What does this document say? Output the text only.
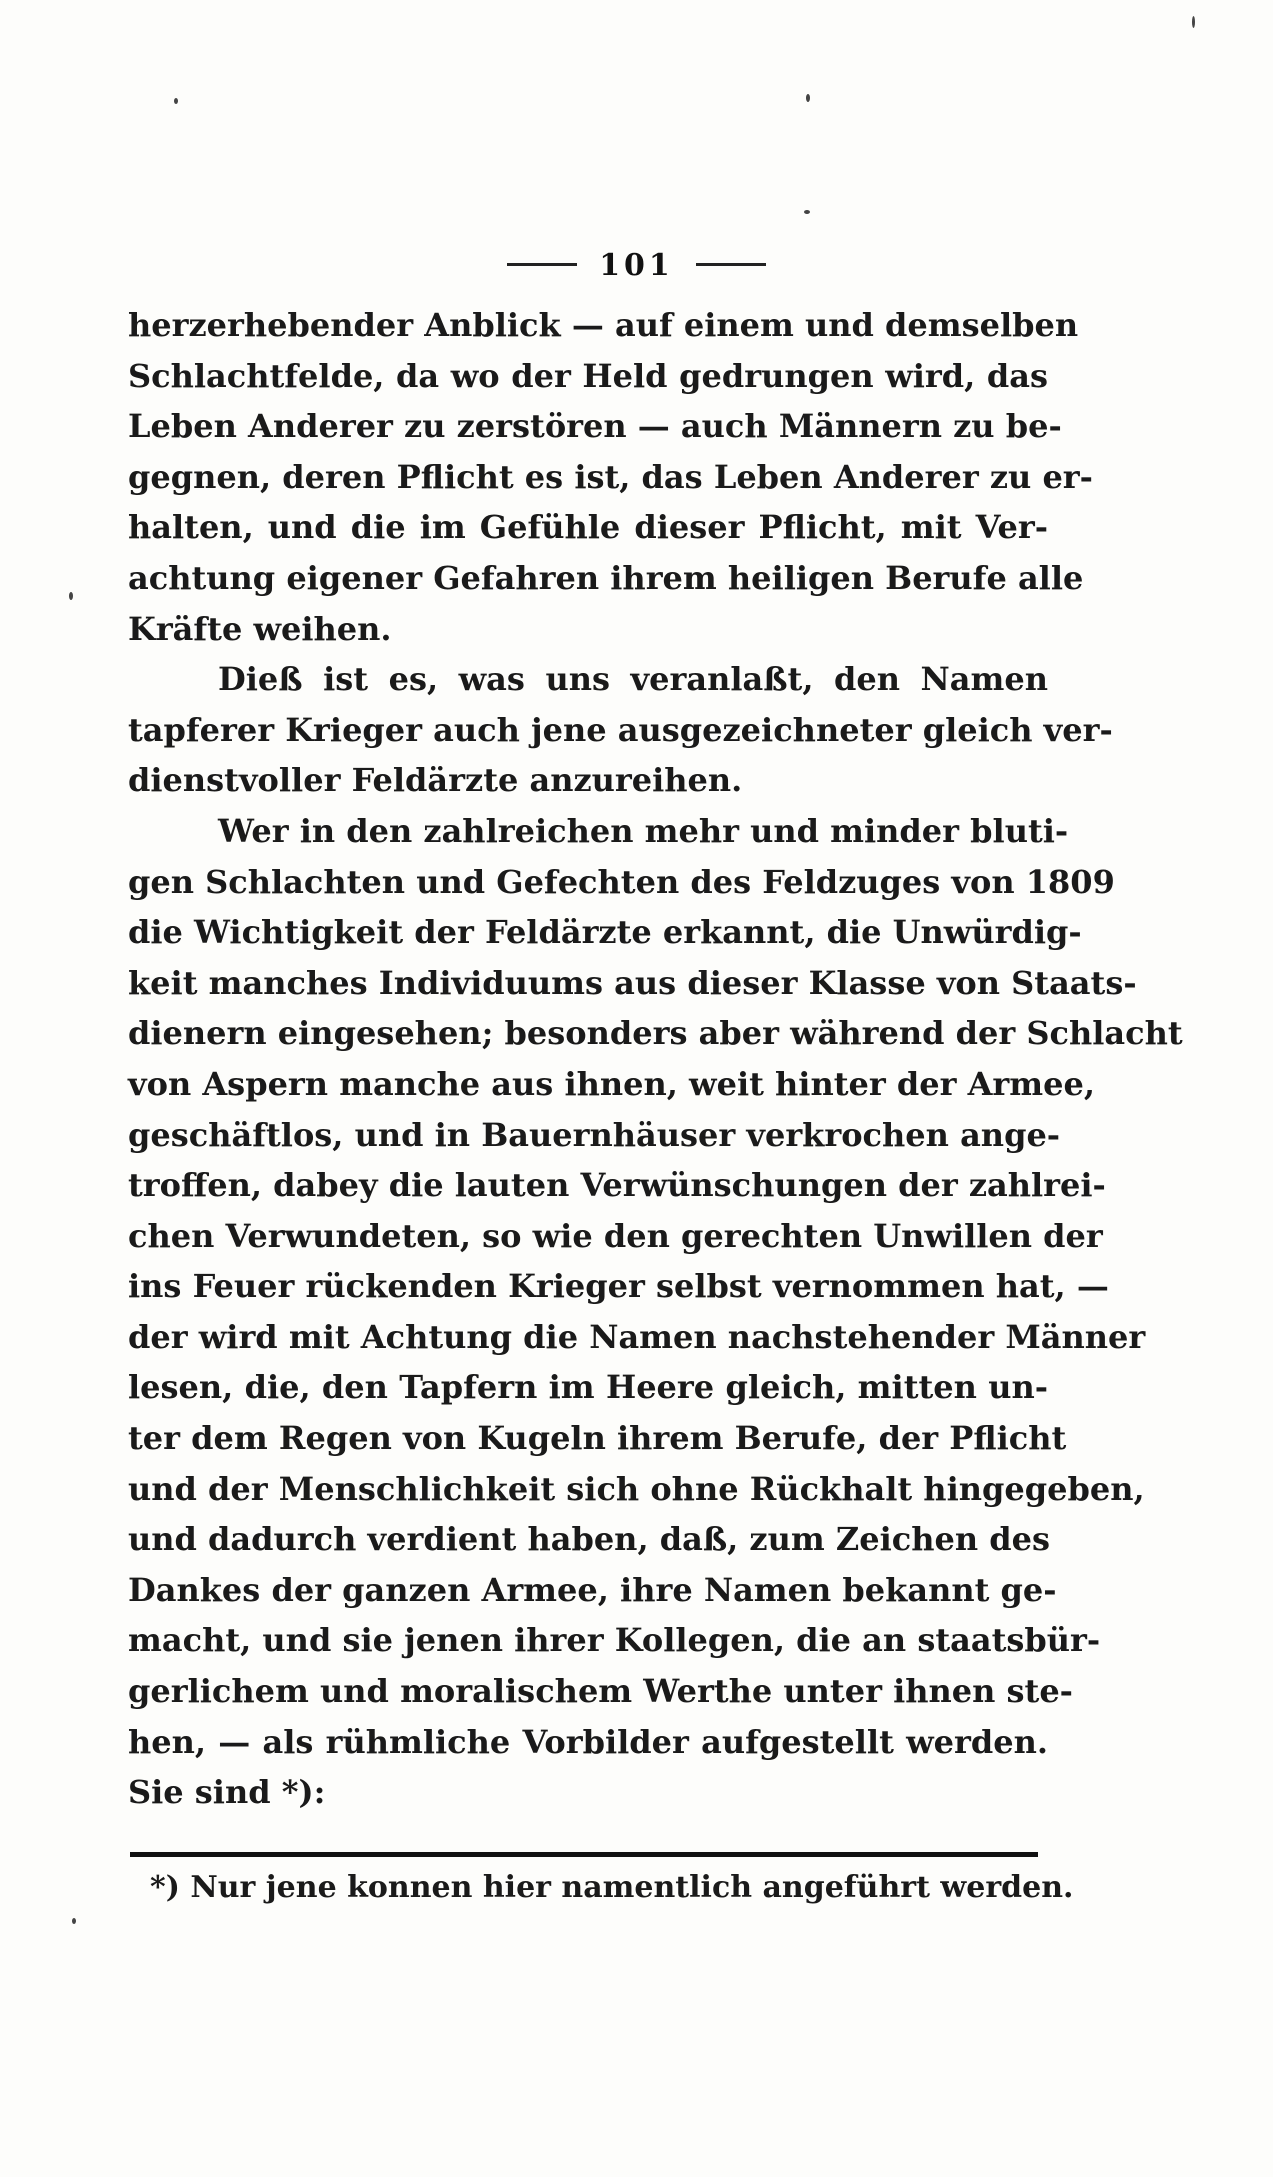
101
herzerhebender Anblick — auf einem und demselben
Schlachtfelde, da wo der Held gedrungen wird, das
Leben Anderer zu zerstören — auch Männern zu be-
gegnen, deren Pflicht es ist, das Leben Anderer zu er-
halten, und die im Gefühle dieser Pflicht, mit Ver-
achtung eigener Gefahren ihrem heiligen Berufe alle
Kräfte weihen.
Dieß ist es, was uns veranlaßt, den Namen
tapferer Krieger auch jene ausgezeichneter gleich ver-
dienstvoller Feldärzte anzureihen.
Wer in den zahlreichen mehr und minder bluti-
gen Schlachten und Gefechten des Feldzuges von 1809
die Wichtigkeit der Feldärzte erkannt, die Unwürdig-
keit manches Individuums aus dieser Klasse von Staats-
dienern eingesehen; besonders aber während der Schlacht
von Aspern manche aus ihnen, weit hinter der Armee,
geschäftlos, und in Bauernhäuser verkrochen ange-
troffen, dabey die lauten Verwünschungen der zahlrei-
chen Verwundeten, so wie den gerechten Unwillen der
ins Feuer rückenden Krieger selbst vernommen hat, —
der wird mit Achtung die Namen nachstehender Männer
lesen, die, den Tapfern im Heere gleich, mitten un-
ter dem Regen von Kugeln ihrem Berufe, der Pflicht
und der Menschlichkeit sich ohne Rückhalt hingegeben,
und dadurch verdient haben, daß, zum Zeichen des
Dankes der ganzen Armee, ihre Namen bekannt ge-
macht, und sie jenen ihrer Kollegen, die an staatsbür-
gerlichem und moralischem Werthe unter ihnen ste-
hen, — als rühmliche Vorbilder aufgestellt werden.
Sie sind *):
*) Nur jene konnen hier namentlich angeführt werden.
